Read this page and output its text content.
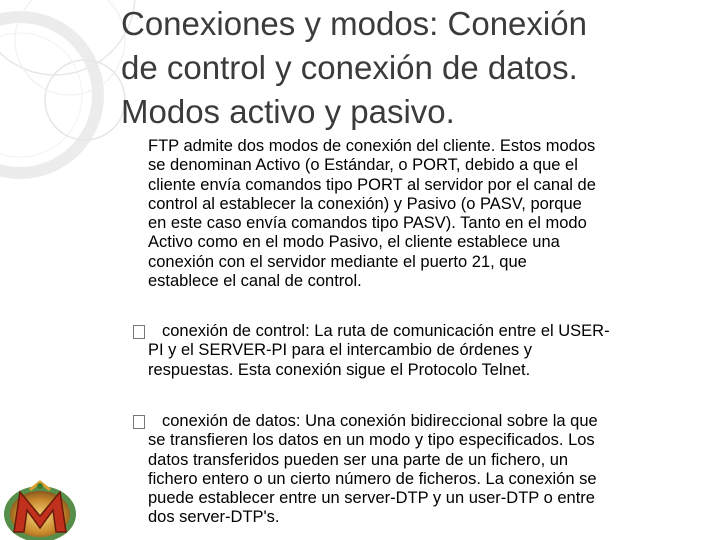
Conexiones y modos: Conexión
de control y conexión de datos.
Modos activo y pasivo.
FTP admite dos modos de conexión del cliente. Estos modos
se denominan Activo (o Estándar, o PORT, debido a que el
cliente envía comandos tipo PORT al servidor por el canal de
control al establecer la conexión) y Pasivo (o PASV, porque
en este caso envía comandos tipo PASV). Tanto en el modo
Activo como en el modo Pasivo, el cliente establece una
conexión con el servidor mediante el puerto 21, que
establece el canal de control.
conexión de control: La ruta de comunicación entre el USER-
PI y el SERVER-PI para el intercambio de órdenes y
respuestas. Esta conexión sigue el Protocolo Telnet.
conexión de datos: Una conexión bidireccional sobre la que
se transfieren los datos en un modo y tipo especificados. Los
datos transferidos pueden ser una parte de un fichero, un
fichero entero o un cierto número de ficheros. La conexión se
puede establecer entre un server-DTP y un user-DTP o entre
dos server-DTP's.
